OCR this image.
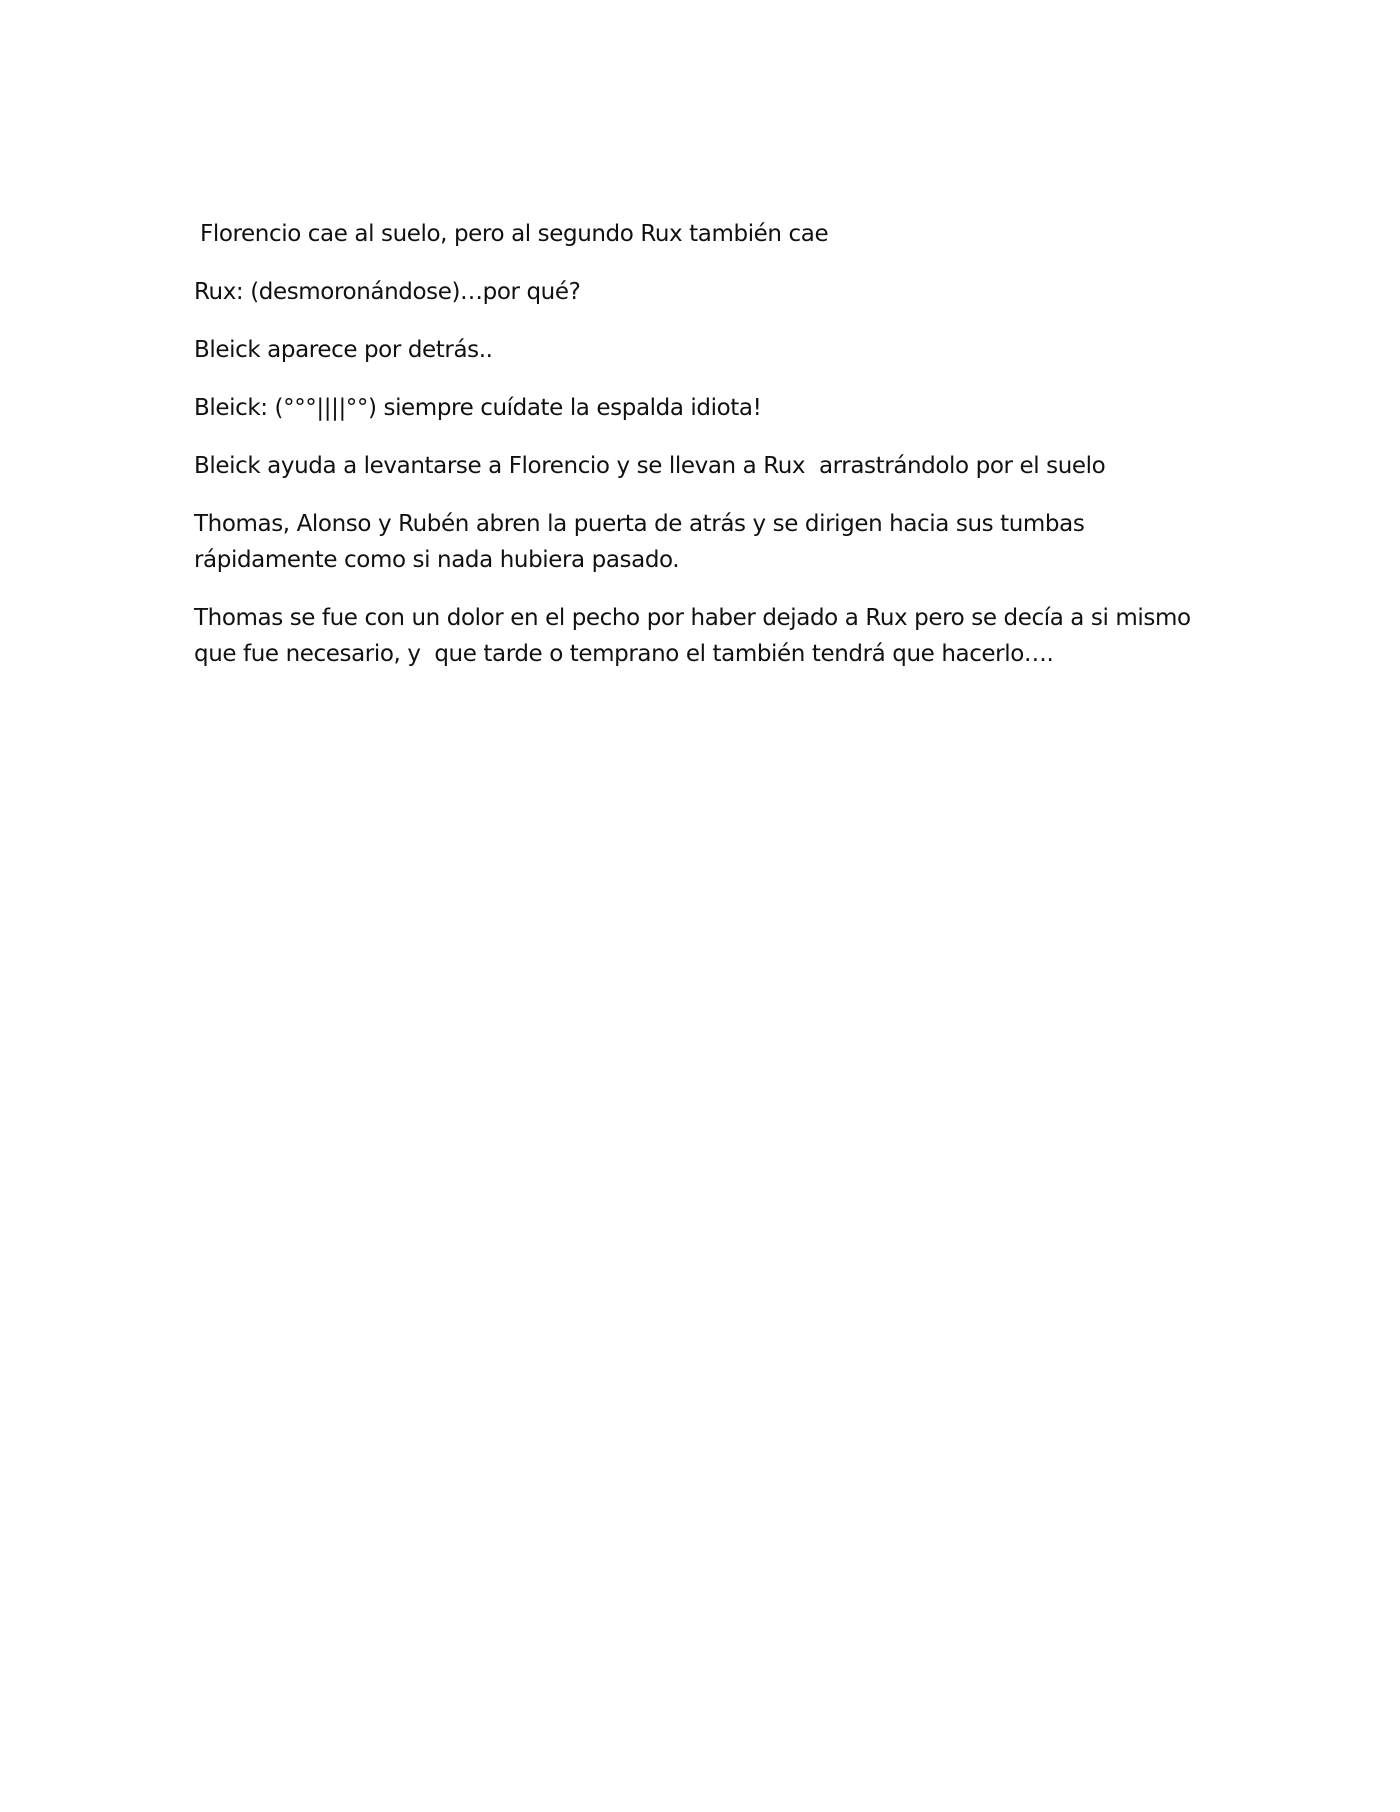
Florencio cae al suelo, pero al segundo Rux también cae

Rux: (desmoronándose)…por qué?

Bleick aparece por detrás..

Bleick: (°°°||||°°) siempre cuídate la espalda idiota!

Bleick ayuda a levantarse a Florencio y se llevan a Rux  arrastrándolo por el suelo

Thomas, Alonso y Rubén abren la puerta de atrás y se dirigen hacia sus tumbas  rápidamente como si nada hubiera pasado.

Thomas se fue con un dolor en el pecho por haber dejado a Rux pero se decía a si mismo que fue necesario, y  que tarde o temprano el también tendrá que hacerlo….
